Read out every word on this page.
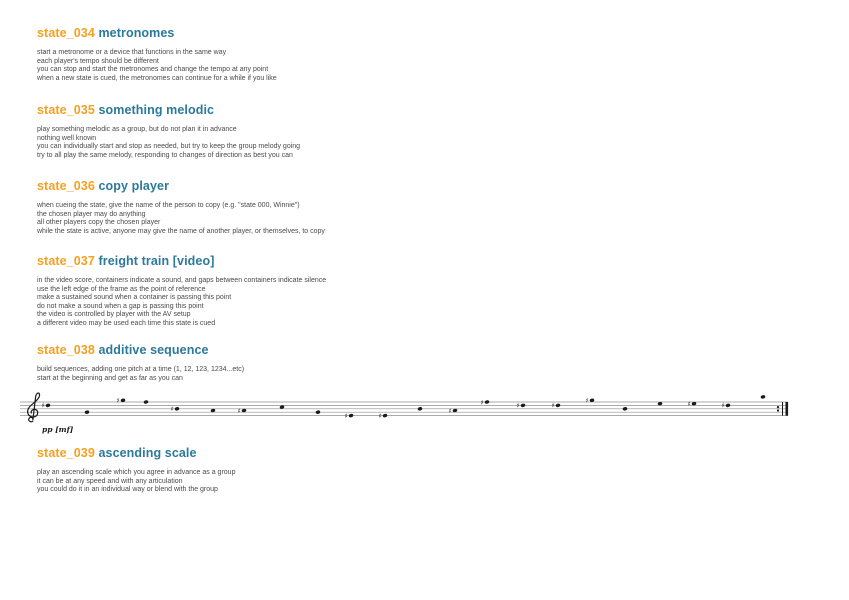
state_034 metronomes
start a metronome or a device that functions in the same way
each player's tempo should be different
you can stop and start the metronomes and change the tempo at any point
when a new state is cued, the metronomes can continue for a while if you like
state_035 something melodic
play something melodic as a group, but do not plan it in advance
nothing well known
you can individually start and stop as needed, but try to keep the group melody going
try to all play the same melody, responding to changes of direction as best you can
state_036 copy player
when cueing the state, give the name of the person to copy (e.g. "state 000, Winnie")
the chosen player may do anything
all other players copy the chosen player
while the state is active, anyone may give the name of another player, or themselves, to copy
state_037 freight train [video]
in the video score, containers indicate a sound, and gaps between containers indicate silence
use the left edge of the frame as the point of reference
make a sustained sound when a container is passing this point
do not make a sound when a gap is passing this point
the video is controlled by player with the AV setup
a different video may be used each time this state is cued
state_038 additive sequence
build sequences, adding one pitch at a time (1, 12, 123, 1234...etc)
start at the beginning and get as far as you can
♯
♯
♯	♯
♯	♯
♯
♯	♯	♯
♯	♯	♯
pp [mf]
state_039 ascending scale
play an ascending scale which you agree in advance as a group
it can be at any speed and with any articulation
you could do it in an individual way or blend with the group
